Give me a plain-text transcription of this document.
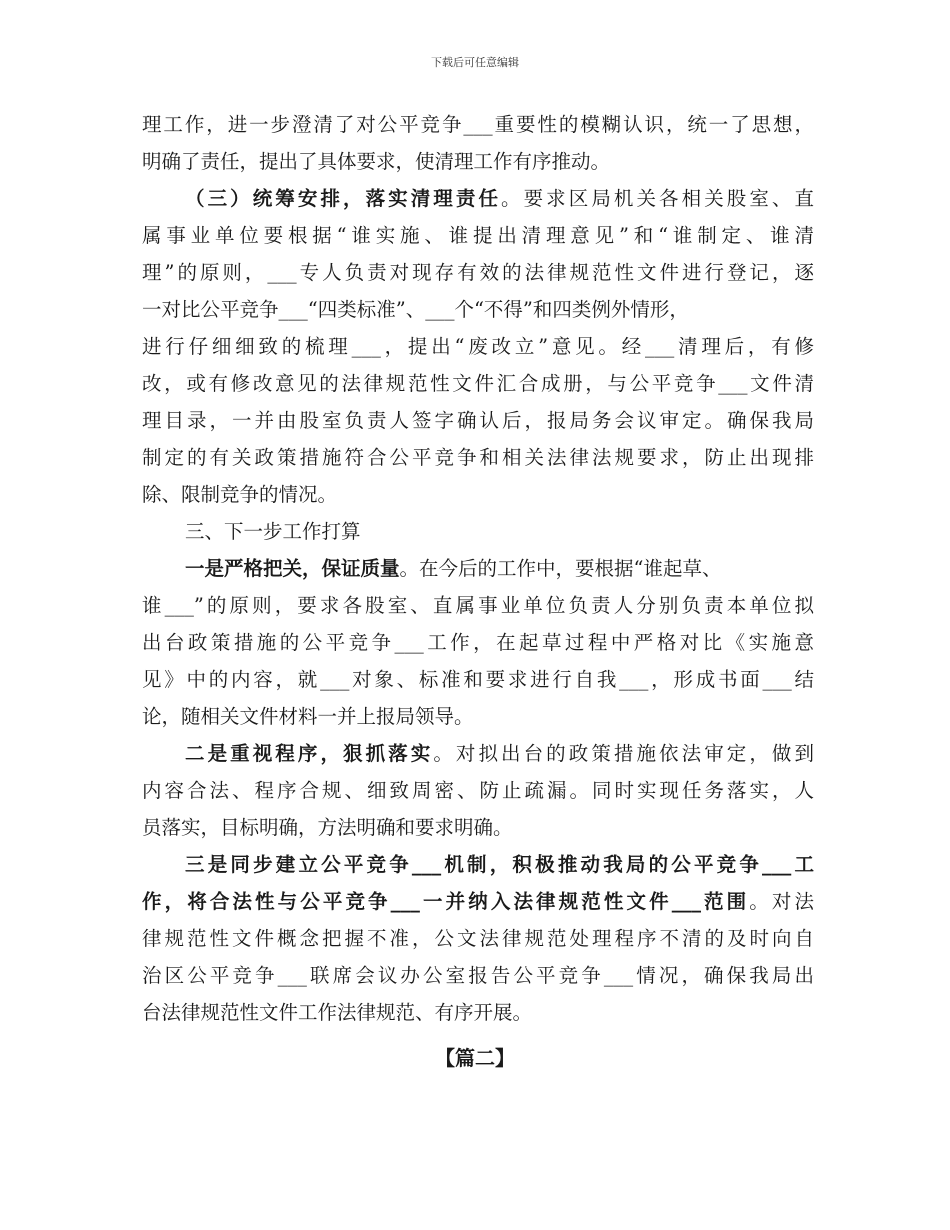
下载后可任意编辑
理工作，进一步澄清了对公平竞争___重要性的模糊认识，统一了思想，
明确了责任，提出了具体要求，使清理工作有序推动。
（三）统筹安排，落实清理责任。要求区局机关各相关股室、直
属事业单位要根据“谁实施、谁提出清理意见”和“谁制定、谁清
理”的原则，___专人负责对现存有效的法律规范性文件进行登记，逐
一对比公平竞争___“四类标准”、___个“不得”和四类例外情形，
进行仔细细致的梳理___，提出“废改立”意见。经___清理后，有修
改，或有修改意见的法律规范性文件汇合成册，与公平竞争___文件清
理目录，一并由股室负责人签字确认后，报局务会议审定。确保我局
制定的有关政策措施符合公平竞争和相关法律法规要求，防止出现排
除、限制竞争的情况。
三、下一步工作打算
一是严格把关，保证质量。在今后的工作中，要根据“谁起草、
谁___”的原则，要求各股室、直属事业单位负责人分别负责本单位拟
出台政策措施的公平竞争___工作，在起草过程中严格对比《实施意
见》中的内容，就___对象、标准和要求进行自我___，形成书面___结
论，随相关文件材料一并上报局领导。
二是重视程序，狠抓落实。对拟出台的政策措施依法审定，做到
内容合法、程序合规、细致周密、防止疏漏。同时实现任务落实，人
员落实，目标明确，方法明确和要求明确。
三是同步建立公平竞争___机制，积极推动我局的公平竞争___工
作，将合法性与公平竞争___一并纳入法律规范性文件___范围。对法
律规范性文件概念把握不准，公文法律规范处理程序不清的及时向自
治区公平竞争___联席会议办公室报告公平竞争___情况，确保我局出
台法律规范性文件工作法律规范、有序开展。
【篇二】
